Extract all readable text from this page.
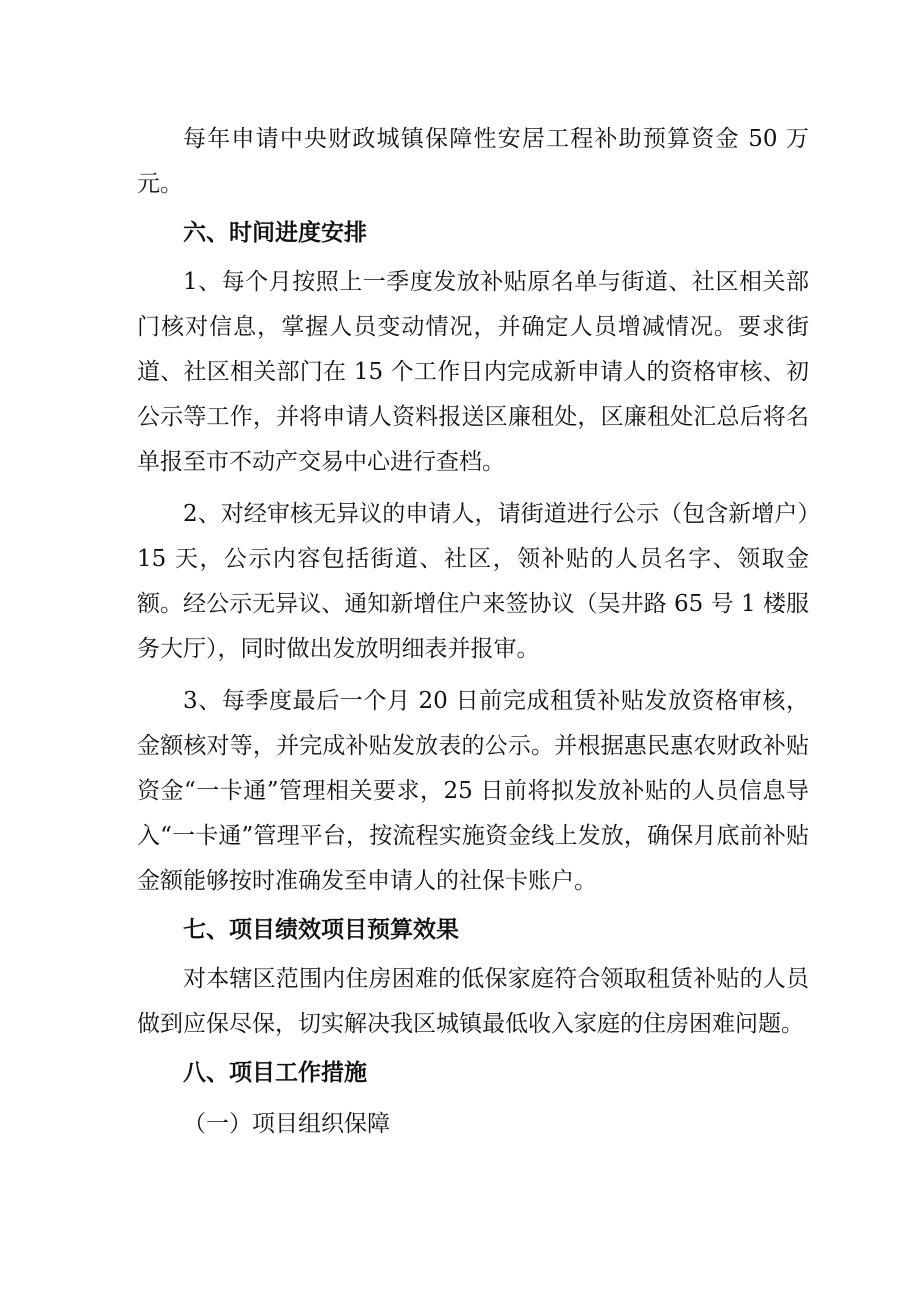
每年申请中央财政城镇保障性安居工程补助预算资金 50 万元。

六、时间进度安排

1、每个月按照上一季度发放补贴原名单与街道、社区相关部门核对信息，掌握人员变动情况，并确定人员增减情况。要求街道、社区相关部门在 15 个工作日内完成新申请人的资格审核、初公示等工作，并将申请人资料报送区廉租处，区廉租处汇总后将名单报至市不动产交易中心进行查档。

2、对经审核无异议的申请人，请街道进行公示（包含新增户）15 天，公示内容包括街道、社区，领补贴的人员名字、领取金额。经公示无异议、通知新增住户来签协议（吴井路 65 号 1 楼服务大厅），同时做出发放明细表并报审。

3、每季度最后一个月 20 日前完成租赁补贴发放资格审核，金额核对等，并完成补贴发放表的公示。并根据惠民惠农财政补贴资金“一卡通”管理相关要求，25 日前将拟发放补贴的人员信息导入“一卡通”管理平台，按流程实施资金线上发放，确保月底前补贴金额能够按时准确发至申请人的社保卡账户。

七、项目绩效项目预算效果

对本辖区范围内住房困难的低保家庭符合领取租赁补贴的人员做到应保尽保，切实解决我区城镇最低收入家庭的住房困难问题。

八、项目工作措施

（一）项目组织保障
